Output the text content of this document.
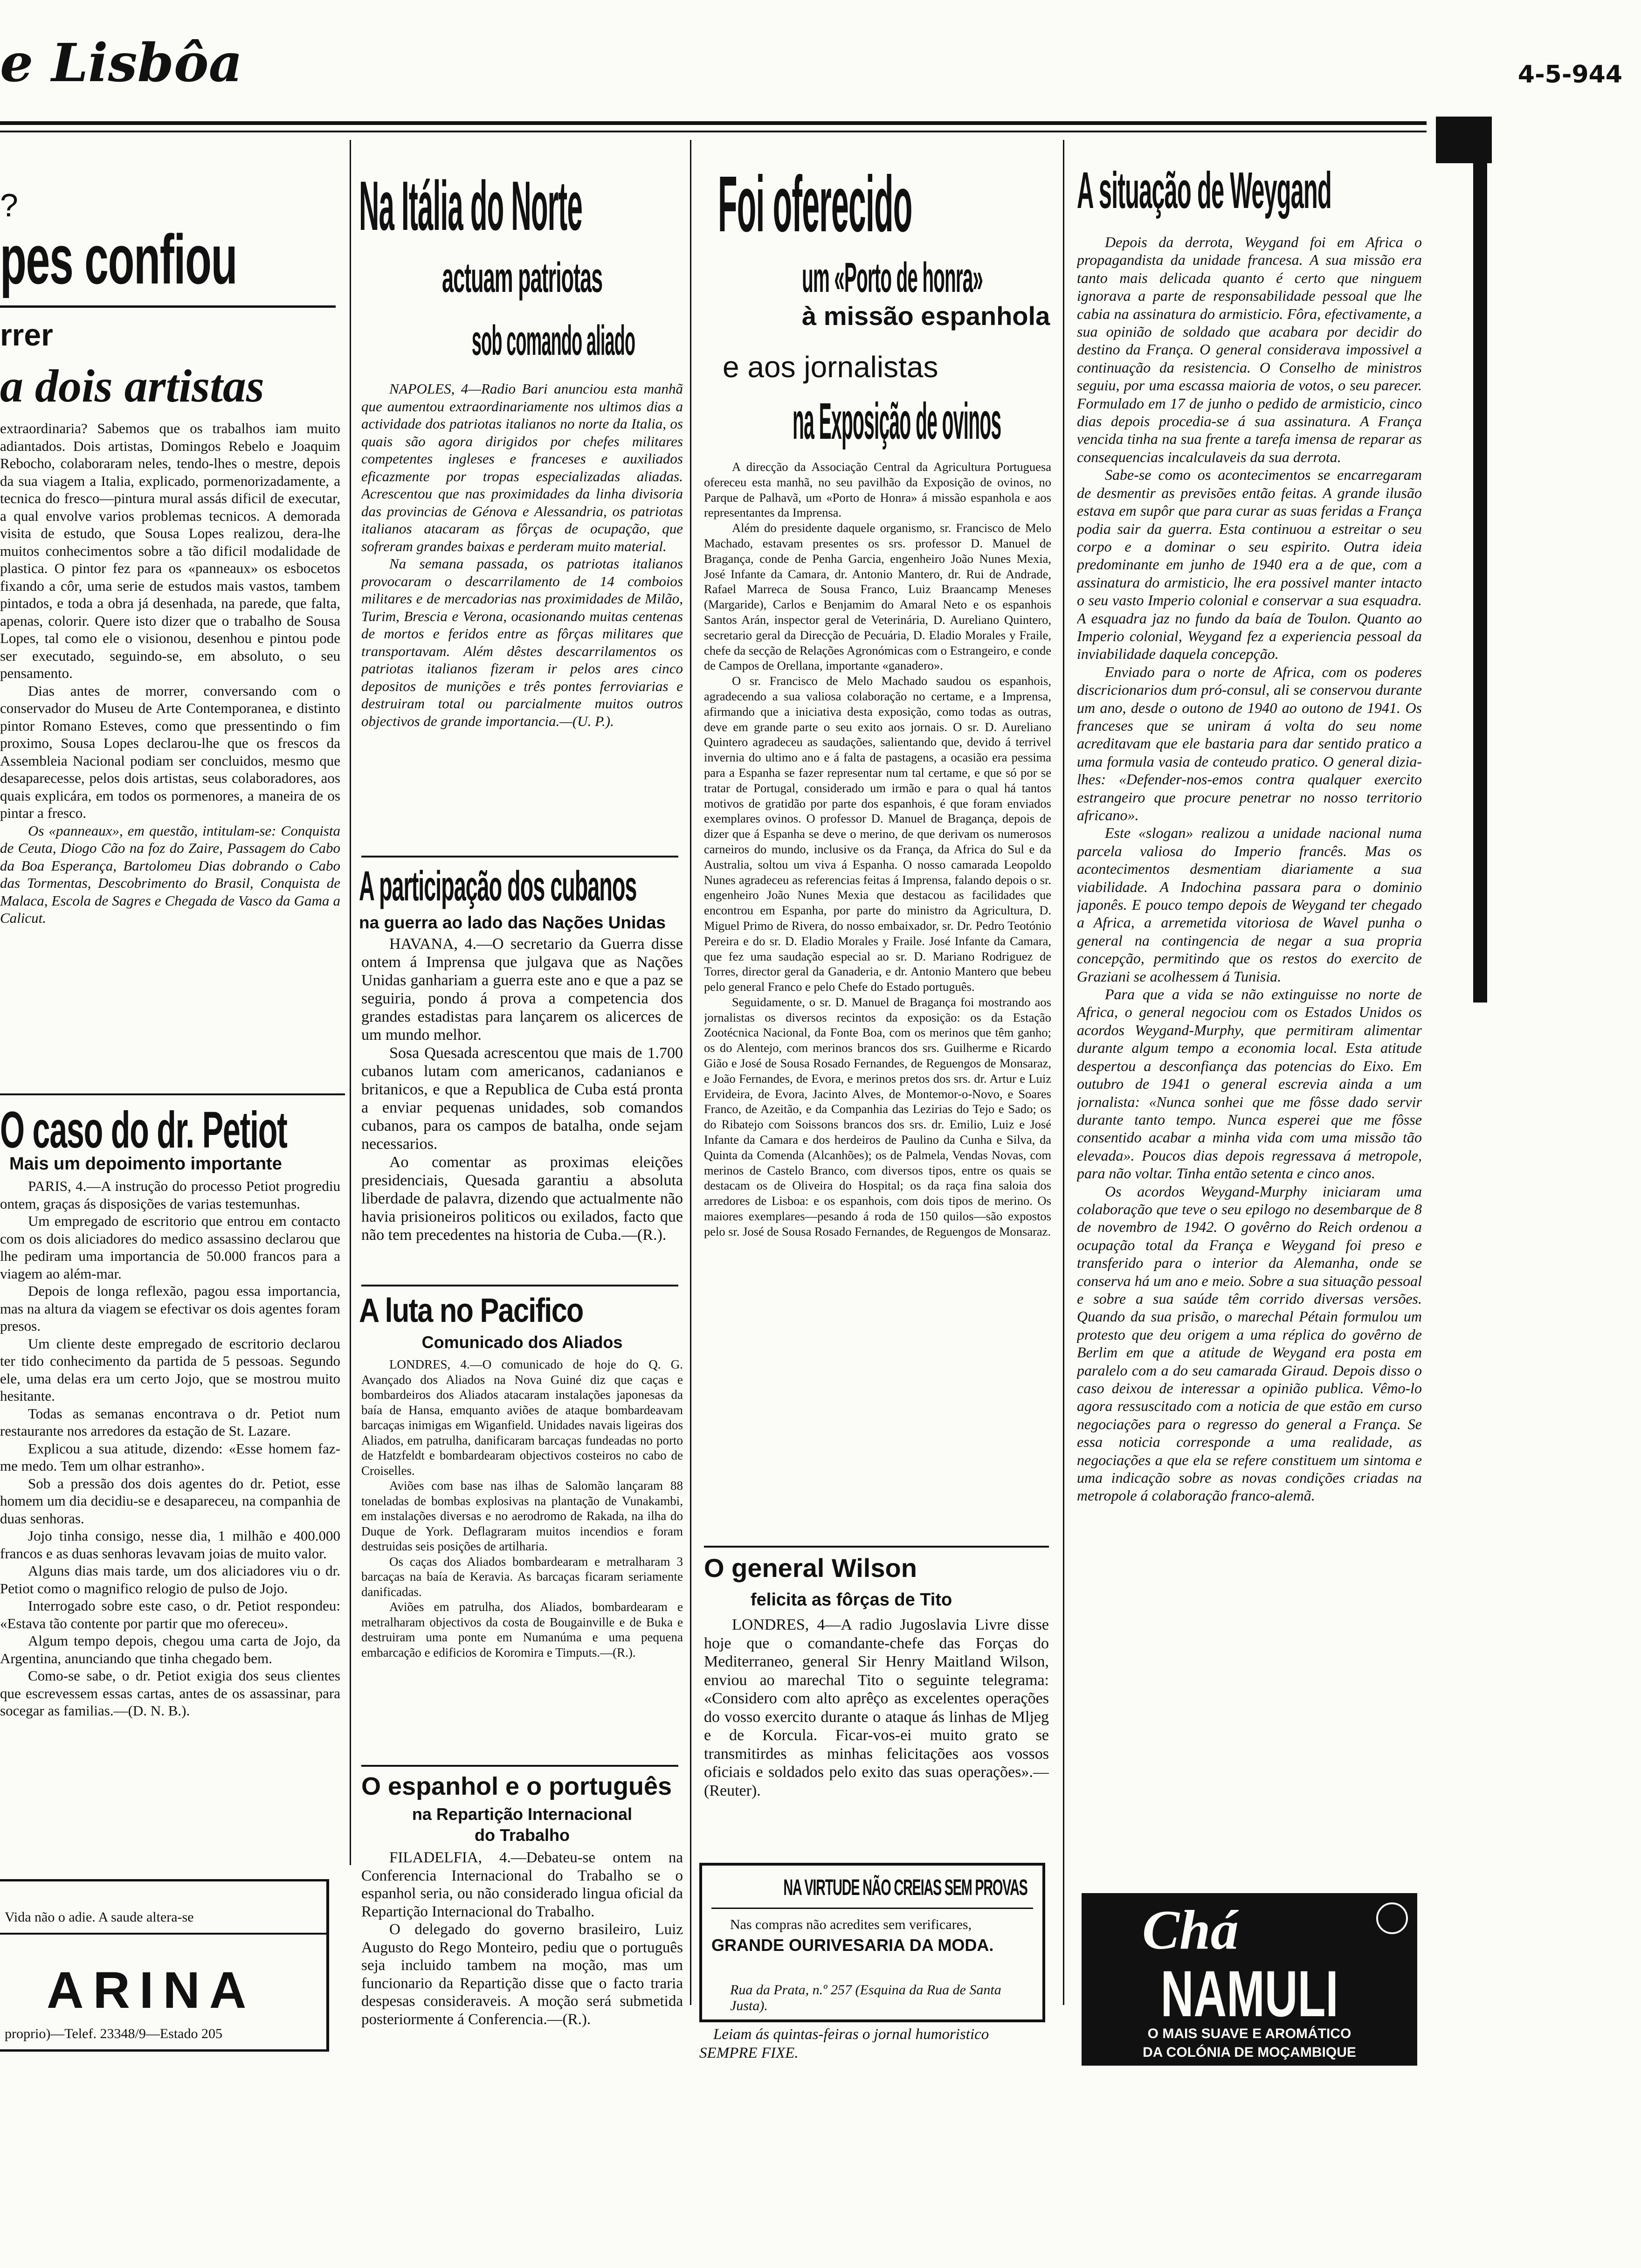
e Lisbôa	4-5-944
?
pes confiou
rrer
a dois artistas

extraordinaria? Sabemos que os trabalhos iam muito adiantados. Dois artistas, Domingos Rebelo e Joaquim Rebocho, colaboraram neles, tendo-lhes o mestre, depois da sua viagem a Italia, explicado, pormenorizadamente, a tecnica do fresco—pintura mural assás dificil de executar, a qual envolve varios problemas tecnicos. A demorada visita de estudo, que Sousa Lopes realizou, dera-lhe muitos conhecimentos sobre a tão dificil modalidade de plastica. O pintor fez para os «panneaux» os esbocetos fixando a côr, uma serie de estudos mais vastos, tambem pintados, e toda a obra já desenhada, na parede, que falta, apenas, colorir. Quere isto dizer que o trabalho de Sousa Lopes, tal como ele o visionou, desenhou e pintou pode ser executado, seguindo-se, em absoluto, o seu pensamento.

Dias antes de morrer, conversando com o conservador do Museu de Arte Contemporanea, e distinto pintor Romano Esteves, como que pressentindo o fim proximo, Sousa Lopes declarou-lhe que os frescos da Assembleia Nacional podiam ser concluidos, mesmo que desaparecesse, pelos dois artistas, seus colaboradores, aos quais explicára, em todos os pormenores, a maneira de os pintar a fresco.

Os «panneaux», em questão, intitulam-se: Conquista de Ceuta, Diogo Cão na foz do Zaire, Passagem do Cabo da Boa Esperança, Bartolomeu Dias dobrando o Cabo das Tormentas, Descobrimento do Brasil, Conquista de Malaca, Escola de Sagres e Chegada de Vasco da Gama a Calicut.

O caso do dr. Petiot
Mais um depoimento importante

PARIS, 4.—A instrução do processo Petiot progrediu ontem, graças ás disposições de varias testemunhas.

Um empregado de escritorio que entrou em contacto com os dois aliciadores do medico assassino declarou que lhe pediram uma importancia de 50.000 francos para a viagem ao além-mar.

Depois de longa reflexão, pagou essa importancia, mas na altura da viagem se efectivar os dois agentes foram presos.

Um cliente deste empregado de escritorio declarou ter tido conhecimento da partida de 5 pessoas. Segundo ele, uma delas era um certo Jojo, que se mostrou muito hesitante.

Todas as semanas encontrava o dr. Petiot num restaurante nos arredores da estação de St. Lazare.

Explicou a sua atitude, dizendo: «Esse homem faz-me medo. Tem um olhar estranho».

Sob a pressão dos dois agentes do dr. Petiot, esse homem um dia decidiu-se e desapareceu, na companhia de duas senhoras.

Jojo tinha consigo, nesse dia, 1 milhão e 400.000 francos e as duas senhoras levavam joias de muito valor.

Alguns dias mais tarde, um dos aliciadores viu o dr. Petiot como o magnifico relogio de pulso de Jojo.

Interrogado sobre este caso, o dr. Petiot respondeu: «Estava tão contente por partir que mo ofereceu».

Algum tempo depois, chegou uma carta de Jojo, da Argentina, anunciando que tinha chegado bem.

Como-se sabe, o dr. Petiot exigia dos seus clientes que escrevessem essas cartas, antes de os assassinar, para socegar as familias.—(D. N. B.).

Vida não o adie. A saude altera-se
ARINA
proprio)—Telef. 23348/9—Estado 205
Na Itália do Norte
actuam patriotas
sob comando aliado

NAPOLES, 4—Radio Bari anunciou esta manhã que aumentou extraordinariamente nos ultimos dias a actividade dos patriotas italianos no norte da Italia, os quais são agora dirigidos por chefes militares competentes ingleses e franceses e auxiliados eficazmente por tropas especializadas aliadas. Acrescentou que nas proximidades da linha divisoria das provincias de Génova e Alessandria, os patriotas italianos atacaram as fôrças de ocupação, que sofreram grandes baixas e perderam muito material.

Na semana passada, os patriotas italianos provocaram o descarrilamento de 14 comboios militares e de mercadorias nas proximidades de Milão, Turim, Brescia e Verona, ocasionando muitas centenas de mortos e feridos entre as fôrças militares que transportavam. Além dêstes descarrilamentos os patriotas italianos fizeram ir pelos ares cinco depositos de munições e três pontes ferroviarias e destruiram total ou parcialmente muitos outros objectivos de grande importancia.—(U. P.).

A participação dos cubanos
na guerra ao lado das Nações Unidas

HAVANA, 4.—O secretario da Guerra disse ontem á Imprensa que julgava que as Nações Unidas ganhariam a guerra este ano e que a paz se seguiria, pondo á prova a competencia dos grandes estadistas para lançarem os alicerces de um mundo melhor.

Sosa Quesada acrescentou que mais de 1.700 cubanos lutam com americanos, cadanianos e britanicos, e que a Republica de Cuba está pronta a enviar pequenas unidades, sob comandos cubanos, para os campos de batalha, onde sejam necessarios.

Ao comentar as proximas eleições presidenciais, Quesada garantiu a absoluta liberdade de palavra, dizendo que actualmente não havia prisioneiros politicos ou exilados, facto que não tem precedentes na historia de Cuba.—(R.).

A luta no Pacifico
Comunicado dos Aliados

LONDRES, 4.—O comunicado de hoje do Q. G. Avançado dos Aliados na Nova Guiné diz que caças e bombardeiros dos Aliados atacaram instalações japonesas da baía de Hansa, emquanto aviões de ataque bombardeavam barcaças inimigas em Wiganfield. Unidades navais ligeiras dos Aliados, em patrulha, danificaram barcaças fundeadas no porto de Hatzfeldt e bombardearam objectivos costeiros no cabo de Croiselles.

Aviões com base nas ilhas de Salomão lançaram 88 toneladas de bombas explosivas na plantação de Vunakambi, em instalações diversas e no aerodromo de Rakada, na ilha do Duque de York. Deflagraram muitos incendios e foram destruidas seis posições de artilharia.

Os caças dos Aliados bombardearam e metralharam 3 barcaças na baía de Keravia. As barcaças ficaram seriamente danificadas.

Aviões em patrulha, dos Aliados, bombardearam e metralharam objectivos da costa de Bougainville e de Buka e destruiram uma ponte em Numanúma e uma pequena embarcação e edificios de Koromira e Timputs.—(R.).

O espanhol e o português
na Repartição Internacional
do Trabalho

FILADELFIA, 4.—Debateu-se ontem na Conferencia Internacional do Trabalho se o espanhol seria, ou não considerado lingua oficial da Repartição Internacional do Trabalho.

O delegado do governo brasileiro, Luiz Augusto do Rego Monteiro, pediu que o português seja incluido tambem na moção, mas um funcionario da Repartição disse que o facto traria despesas consideraveis. A moção será submetida posteriormente á Conferencia.—(R.).

Foi oferecido
um «Porto de honra»
à missão espanhola
e aos jornalistas
na Exposição de ovinos

A direcção da Associação Central da Agricultura Portuguesa ofereceu esta manhã, no seu pavilhão da Exposição de ovinos, no Parque de Palhavã, um «Porto de Honra» á missão espanhola e aos representantes da Imprensa.

Além do presidente daquele organismo, sr. Francisco de Melo Machado, estavam presentes os srs. professor D. Manuel de Bragança, conde de Penha Garcia, engenheiro João Nunes Mexia, José Infante da Camara, dr. Antonio Mantero, dr. Rui de Andrade, Rafael Marreca de Sousa Franco, Luiz Braancamp Meneses (Margaride), Carlos e Benjamim do Amaral Neto e os espanhois Santos Arán, inspector geral de Veterinária, D. Aureliano Quintero, secretario geral da Direcção de Pecuária, D. Eladio Morales y Fraile, chefe da secção de Relações Agronómicas com o Estrangeiro, e conde de Campos de Orellana, importante «ganadero».

O sr. Francisco de Melo Machado saudou os espanhois, agradecendo a sua valiosa colaboração no certame, e a Imprensa, afirmando que a iniciativa desta exposição, como todas as outras, deve em grande parte o seu exito aos jornais. O sr. D. Aureliano Quintero agradeceu as saudações, salientando que, devido á terrivel invernia do ultimo ano e á falta de pastagens, a ocasião era pessima para a Espanha se fazer representar num tal certame, e que só por se tratar de Portugal, considerado um irmão e para o qual há tantos motivos de gratidão por parte dos espanhois, é que foram enviados exemplares ovinos. O professor D. Manuel de Bragança, depois de dizer que á Espanha se deve o merino, de que derivam os numerosos carneiros do mundo, inclusive os da França, da Africa do Sul e da Australia, soltou um viva á Espanha. O nosso camarada Leopoldo Nunes agradeceu as referencias feitas á Imprensa, falando depois o sr. engenheiro João Nunes Mexia que destacou as facilidades que encontrou em Espanha, por parte do ministro da Agricultura, D. Miguel Primo de Rivera, do nosso embaixador, sr. Dr. Pedro Teotónio Pereira e do sr. D. Eladio Morales y Fraile. José Infante da Camara, que fez uma saudação especial ao sr. D. Mariano Rodriguez de Torres, director geral da Ganaderia, e dr. Antonio Mantero que bebeu pelo general Franco e pelo Chefe do Estado português.

Seguidamente, o sr. D. Manuel de Bragança foi mostrando aos jornalistas os diversos recintos da exposição: os da Estação Zootécnica Nacional, da Fonte Boa, com os merinos que têm ganho; os do Alentejo, com merinos brancos dos srs. Guilherme e Ricardo Gião e José de Sousa Rosado Fernandes, de Reguengos de Monsaraz, e João Fernandes, de Evora, e merinos pretos dos srs. dr. Artur e Luiz Ervideira, de Evora, Jacinto Alves, de Montemor-o-Novo, e Soares Franco, de Azeitão, e da Companhia das Lezirias do Tejo e Sado; os do Ribatejo com Soissons brancos dos srs. dr. Emilio, Luiz e José Infante da Camara e dos herdeiros de Paulino da Cunha e Silva, da Quinta da Comenda (Alcanhões); os de Palmela, Vendas Novas, com merinos de Castelo Branco, com diversos tipos, entre os quais se destacam os de Oliveira do Hospital; os da raça fina saloia dos arredores de Lisboa: e os espanhois, com dois tipos de merino. Os maiores exemplares—pesando á roda de 150 quilos—são expostos pelo sr. José de Sousa Rosado Fernandes, de Reguengos de Monsaraz.

O general Wilson
felicita as fôrças de Tito

LONDRES, 4—A radio Jugoslavia Livre disse hoje que o comandante-chefe das Forças do Mediterraneo, general Sir Henry Maitland Wilson, enviou ao marechal Tito o seguinte telegrama: «Considero com alto aprêço as excelentes operações do vosso exercito durante o ataque ás linhas de Mljeg e de Korcula. Ficar-vos-ei muito grato se transmitirdes as minhas felicitações aos vossos oficiais e soldados pelo exito das suas operações».—(Reuter).

NA VIRTUDE NÃO CREIAS SEM PROVAS
Nas compras não acredites sem verificares,
GRANDE OURIVESARIA DA MODA.
Rua da Prata, n.º 257 (Esquina da Rua de Santa Justa).
Leiam ás quintas-feiras o jornal humoristico
SEMPRE FIXE.
A situação de Weygand

Depois da derrota, Weygand foi em Africa o propagandista da unidade francesa. A sua missão era tanto mais delicada quanto é certo que ninguem ignorava a parte de responsabilidade pessoal que lhe cabia na assinatura do armisticio. Fôra, efectivamente, a sua opinião de soldado que acabara por decidir do destino da França. O general considerava impossivel a continuação da resistencia. O Conselho de ministros seguiu, por uma escassa maioria de votos, o seu parecer. Formulado em 17 de junho o pedido de armisticio, cinco dias depois procedia-se á sua assinatura. A França vencida tinha na sua frente a tarefa imensa de reparar as consequencias incalculaveis da sua derrota.

Sabe-se como os acontecimentos se encarregaram de desmentir as previsões então feitas. A grande ilusão estava em supôr que para curar as suas feridas a França podia sair da guerra. Esta continuou a estreitar o seu corpo e a dominar o seu espirito. Outra ideia predominante em junho de 1940 era a de que, com a assinatura do armisticio, lhe era possivel manter intacto o seu vasto Imperio colonial e conservar a sua esquadra. A esquadra jaz no fundo da baía de Toulon. Quanto ao Imperio colonial, Weygand fez a experiencia pessoal da inviabilidade daquela concepção.

Enviado para o norte de Africa, com os poderes discricionarios dum pró-consul, ali se conservou durante um ano, desde o outono de 1940 ao outono de 1941. Os franceses que se uniram á volta do seu nome acreditavam que ele bastaria para dar sentido pratico a uma formula vasia de conteudo pratico. O general dizia-lhes: «Defender-nos-emos contra qualquer exercito estrangeiro que procure penetrar no nosso territorio africano».

Este «slogan» realizou a unidade nacional numa parcela valiosa do Imperio francês. Mas os acontecimentos desmentiam diariamente a sua viabilidade. A Indochina passara para o dominio japonês. E pouco tempo depois de Weygand ter chegado a Africa, a arremetida vitoriosa de Wavel punha o general na contingencia de negar a sua propria concepção, permitindo que os restos do exercito de Graziani se acolhessem á Tunisia.

Para que a vida se não extinguisse no norte de Africa, o general negociou com os Estados Unidos os acordos Weygand-Murphy, que permitiram alimentar durante algum tempo a economia local. Esta atitude despertou a desconfiança das potencias do Eixo. Em outubro de 1941 o general escrevia ainda a um jornalista: «Nunca sonhei que me fôsse dado servir durante tanto tempo. Nunca esperei que me fôsse consentido acabar a minha vida com uma missão tão elevada». Poucos dias depois regressava á metropole, para não voltar. Tinha então setenta e cinco anos.

Os acordos Weygand-Murphy iniciaram uma colaboração que teve o seu epilogo no desembarque de 8 de novembro de 1942. O govêrno do Reich ordenou a ocupação total da França e Weygand foi preso e transferido para o interior da Alemanha, onde se conserva há um ano e meio. Sobre a sua situação pessoal e sobre a sua saúde têm corrido diversas versões. Quando da sua prisão, o marechal Pétain formulou um protesto que deu origem a uma réplica do govêrno de Berlim em que a atitude de Weygand era posta em paralelo com a do seu camarada Giraud. Depois disso o caso deixou de interessar a opinião publica. Vêmo-lo agora ressuscitado com a noticia de que estão em curso negociações para o regresso do general a França. Se essa noticia corresponde a uma realidade, as negociações a que ela se refere constituem um sintoma e uma indicação sobre as novas condições criadas na metropole á colaboração franco-alemã.

Chá
NAMULI
O MAIS SUAVE E AROMÁTICO
DA COLÓNIA DE MOÇAMBIQUE
